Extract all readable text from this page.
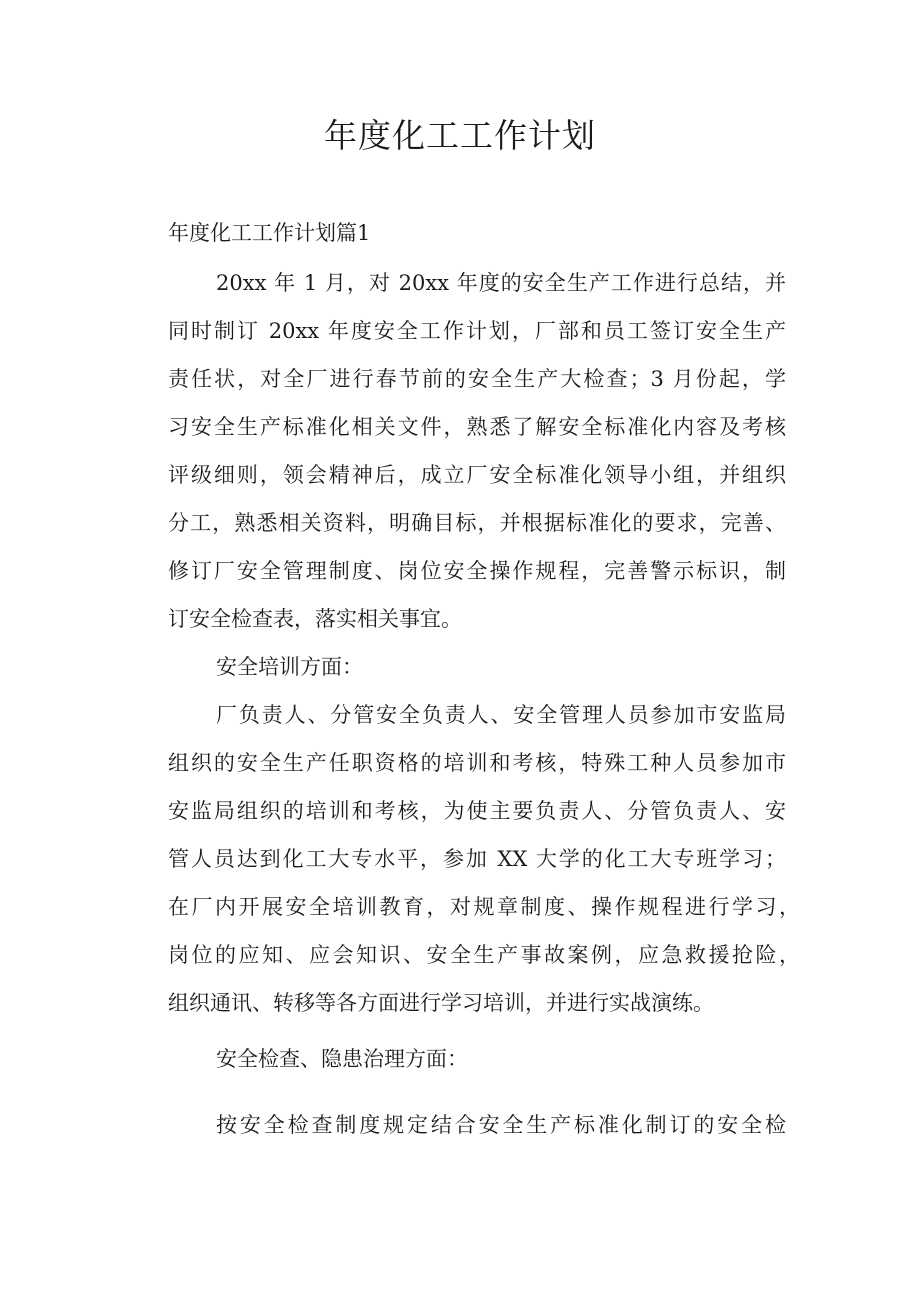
年度化工工作计划
年度化工工作计划篇1
20xx 年 1 月，对 20xx 年度的安全生产工作进行总结，并
同时制订 20xx 年度安全工作计划，厂部和员工签订安全生产
责任状，对全厂进行春节前的安全生产大检查；3 月份起，学
习安全生产标准化相关文件，熟悉了解安全标准化内容及考核
评级细则，领会精神后，成立厂安全标准化领导小组，并组织
分工，熟悉相关资料，明确目标，并根据标准化的要求，完善、
修订厂安全管理制度、岗位安全操作规程，完善警示标识，制
订安全检查表，落实相关事宜。
安全培训方面：
厂负责人、分管安全负责人、安全管理人员参加市安监局
组织的安全生产任职资格的培训和考核，特殊工种人员参加市
安监局组织的培训和考核，为使主要负责人、分管负责人、安
管人员达到化工大专水平，参加 XX 大学的化工大专班学习；
在厂内开展安全培训教育，对规章制度、操作规程进行学习，
岗位的应知、应会知识、安全生产事故案例，应急救援抢险，
组织通讯、转移等各方面进行学习培训，并进行实战演练。
安全检查、隐患治理方面：
按安全检查制度规定结合安全生产标准化制订的安全检
